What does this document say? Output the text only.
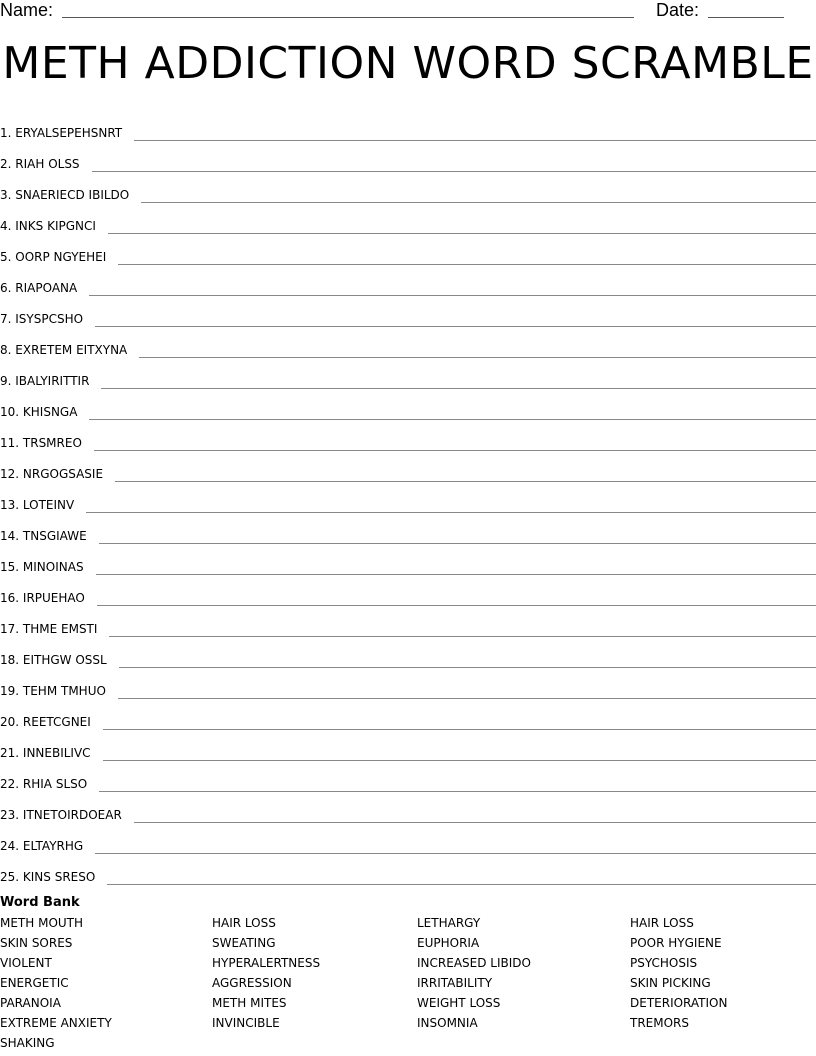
Name:	Date:
METH ADDICTION WORD SCRAMBLE
1. ERYALSEPEHSNRT
2. RIAH OLSS
3. SNAERIECD IBILDO
4. INKS KIPGNCI
5. OORP NGYEHEI
6. RIAPOANA
7. ISYSPCSHO
8. EXRETEM EITXYNA
9. IBALYIRITTIR
10. KHISNGA
11. TRSMREO
12. NRGOGSASIE
13. LOTEINV
14. TNSGIAWE
15. MINOINAS
16. IRPUEHAO
17. THME EMSTI
18. EITHGW OSSL
19. TEHM TMHUO
20. REETCGNEI
21. INNEBILIVC
22. RHIA SLSO
23. ITNETOIRDOEAR
24. ELTAYRHG
25. KINS SRESO
Word Bank
METH MOUTH
SKIN SORES
VIOLENT
ENERGETIC
PARANOIA
EXTREME ANXIETY
SHAKING
HAIR LOSS
SWEATING
HYPERALERTNESS
AGGRESSION
METH MITES
INVINCIBLE
LETHARGY
EUPHORIA
INCREASED LIBIDO
IRRITABILITY
WEIGHT LOSS
INSOMNIA
HAIR LOSS
POOR HYGIENE
PSYCHOSIS
SKIN PICKING
DETERIORATION
TREMORS
